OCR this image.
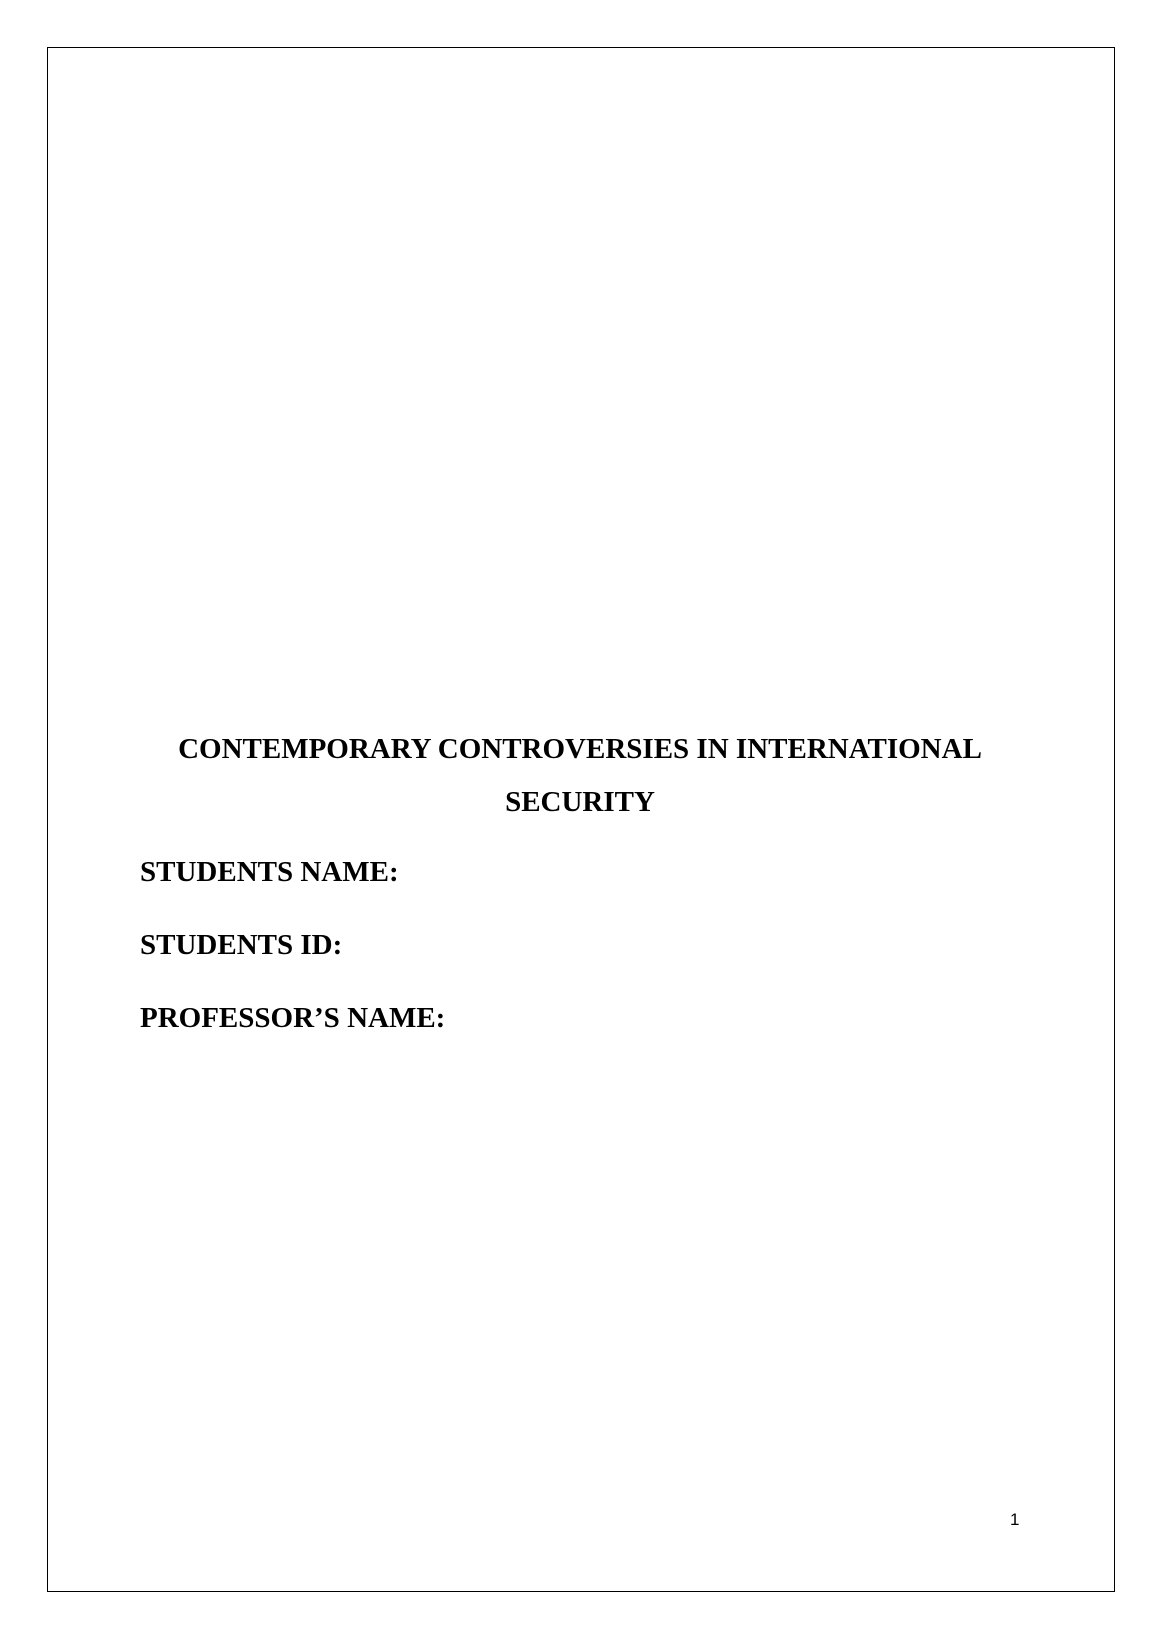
CONTEMPORARY CONTROVERSIES IN INTERNATIONAL
SECURITY
STUDENTS NAME:
STUDENTS ID:
PROFESSOR’S NAME:
1
